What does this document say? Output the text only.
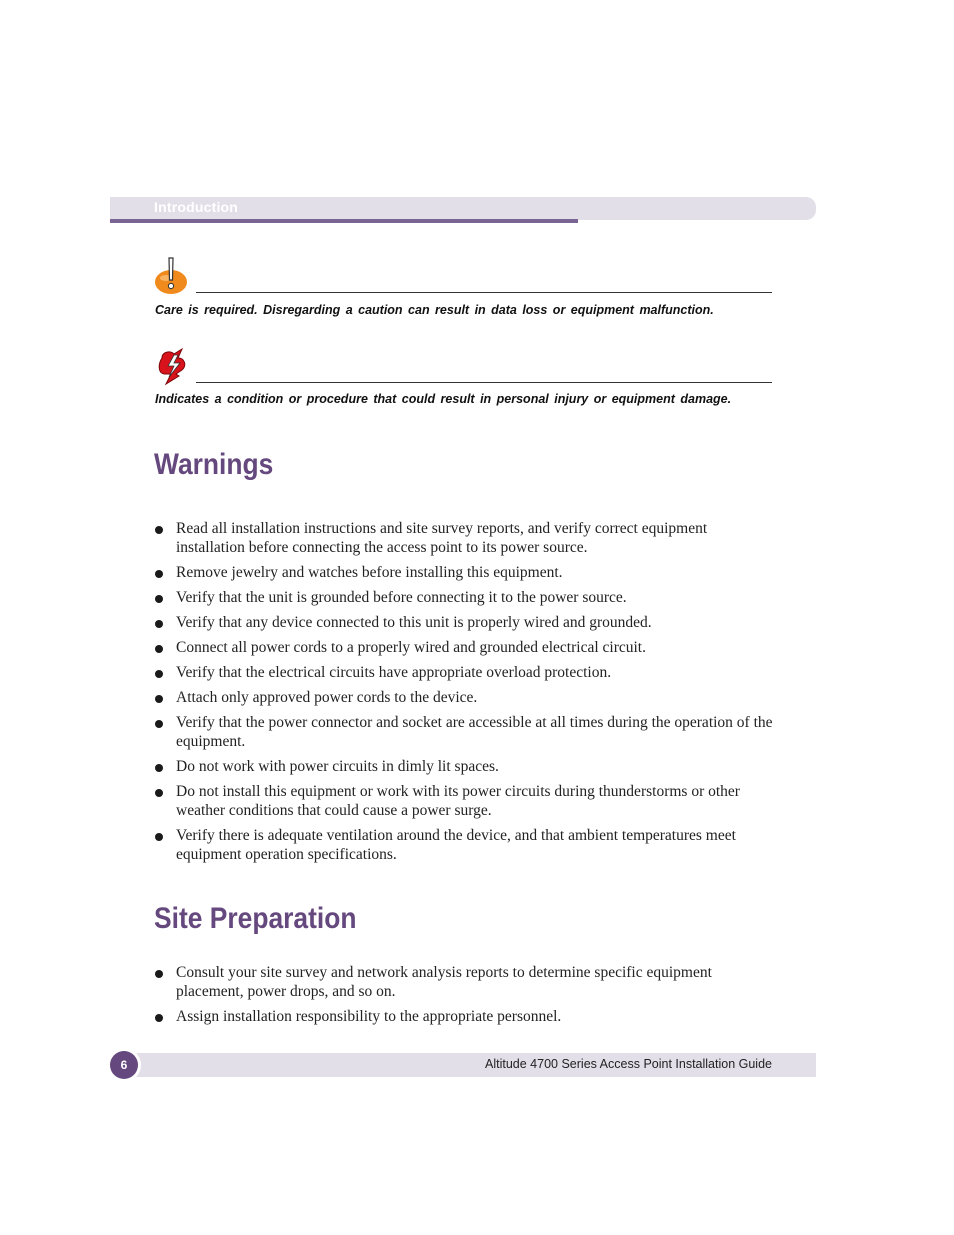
Introduction
Care is required. Disregarding a caution can result in data loss or equipment malfunction.
Indicates a condition or procedure that could result in personal injury or equipment damage.
Warnings
Read all installation instructions and site survey reports, and verify correct equipment installation before connecting the access point to its power source.
Remove jewelry and watches before installing this equipment.
Verify that the unit is grounded before connecting it to the power source.
Verify that any device connected to this unit is properly wired and grounded.
Connect all power cords to a properly wired and grounded electrical circuit.
Verify that the electrical circuits have appropriate overload protection.
Attach only approved power cords to the device.
Verify that the power connector and socket are accessible at all times during the operation of the equipment.
Do not work with power circuits in dimly lit spaces.
Do not install this equipment or work with its power circuits during thunderstorms or other weather conditions that could cause a power surge.
Verify there is adequate ventilation around the device, and that ambient temperatures meet equipment operation specifications.
Site Preparation
Consult your site survey and network analysis reports to determine specific equipment placement, power drops, and so on.
Assign installation responsibility to the appropriate personnel.
6	Altitude 4700 Series Access Point Installation Guide
